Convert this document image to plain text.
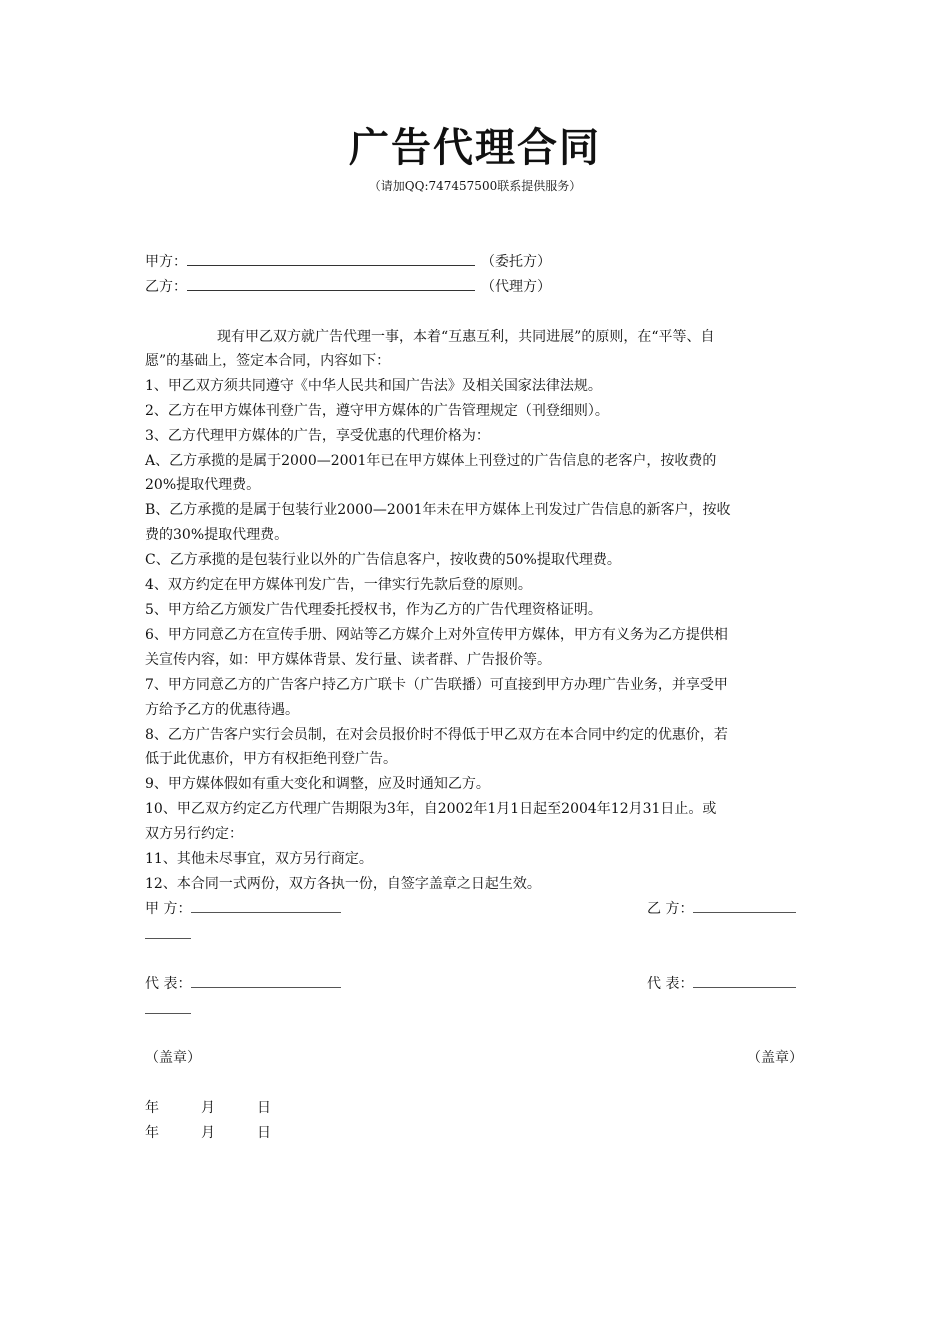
广告代理合同
（请加QQ:747457500联系提供服务）
甲方：	（委托方）
乙方：	（代理方）
现有甲乙双方就广告代理一事，本着“互惠互利，共同进展”的原则，在“平等、自
愿”的基础上，签定本合同，内容如下：
1、甲乙双方须共同遵守《中华人民共和国广告法》及相关国家法律法规。
2、乙方在甲方媒体刊登广告，遵守甲方媒体的广告管理规定（刊登细则）。
3、乙方代理甲方媒体的广告，享受优惠的代理价格为：
A、乙方承揽的是属于2000—2001年已在甲方媒体上刊登过的广告信息的老客户，按收费的
20%提取代理费。
B、乙方承揽的是属于包装行业2000—2001年未在甲方媒体上刊发过广告信息的新客户，按收
费的30%提取代理费。
C、乙方承揽的是包装行业以外的广告信息客户，按收费的50%提取代理费。
4、双方约定在甲方媒体刊发广告，一律实行先款后登的原则。
5、甲方给乙方颁发广告代理委托授权书，作为乙方的广告代理资格证明。
6、甲方同意乙方在宣传手册、网站等乙方媒介上对外宣传甲方媒体，甲方有义务为乙方提供相
关宣传内容，如：甲方媒体背景、发行量、读者群、广告报价等。
7、甲方同意乙方的广告客户持乙方广联卡（广告联播）可直接到甲方办理广告业务，并享受甲
方给予乙方的优惠待遇。
8、乙方广告客户实行会员制，在对会员报价时不得低于甲乙双方在本合同中约定的优惠价，若
低于此优惠价，甲方有权拒绝刊登广告。
9、甲方媒体假如有重大变化和调整，应及时通知乙方。
10、甲乙双方约定乙方代理广告期限为3年，自2002年1月1日起至2004年12月31日止。或
双方另行约定：
11、其他未尽事宜，双方另行商定。
12、本合同一式两份，双方各执一份，自签字盖章之日起生效。
甲 方：	乙 方：
代 表：	代 表：
（盖章）	（盖章）
年	月	日
年	月	日
